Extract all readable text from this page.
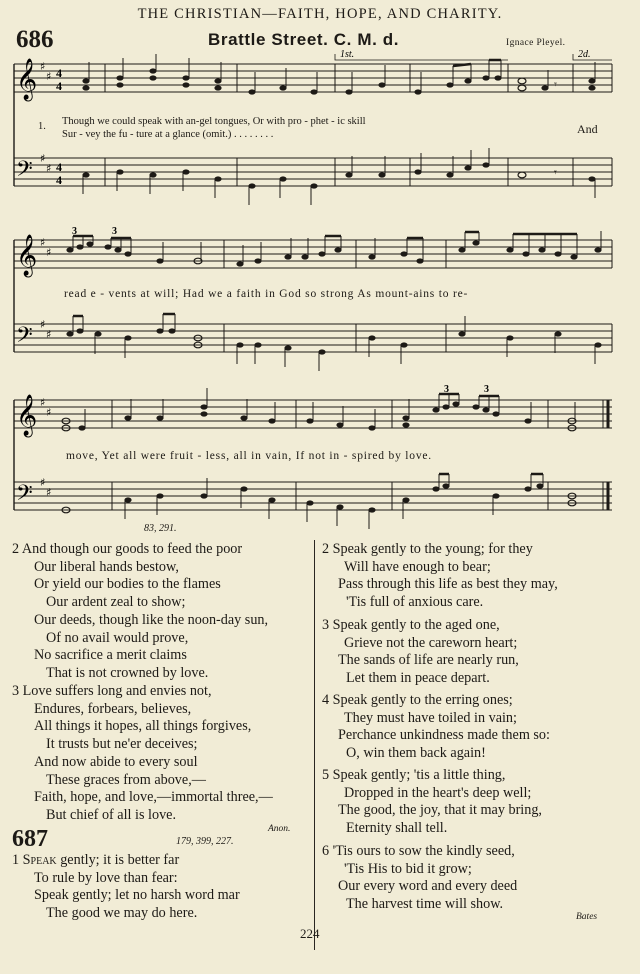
THE CHRISTIAN—FAITH, HOPE, AND CHARITY.
686	Brattle Street. C. M. d.	Ignace Pleyel.
𝄞
𝄢
♯
♯
♯
♯
4
4
4
4
1st.	2d.
𝄾
𝄾
1. Though we could speak with an-gel tongues, Or with pro - phet - ic skill
Sur - vey the fu - ture at a glance (omit.) . . . . . . . .	And
𝄞
𝄢
♯
♯
♯
♯
3	3
read e - vents at will; Had we a faith in God so strong As mount-ains to re-
𝄞
𝄢
♯
♯
♯
♯
3	3
move, Yet all were fruit - less, all in vain, If not in - spired by love.
83, 291.
2 And though our goods to feed the poor
Our liberal hands bestow,
Or yield our bodies to the flames
Our ardent zeal to show;
Our deeds, though like the noon-day sun,
Of no avail would prove,
No sacrifice a merit claims
That is not crowned by love.
3 Love suffers long and envies not,
Endures, forbears, believes,
All things it hopes, all things forgives,
It trusts but ne'er deceives;
And now abide to every soul
These graces from above,—
Faith, hope, and love,—immortal three,—
But chief of all is love.
Anon.
687	179, 399, 227.
1 Speak gently; it is better far
To rule by love than fear:
Speak gently; let no harsh word mar
The good we may do here.
2 Speak gently to the young; for they
Will have enough to bear;
Pass through this life as best they may,
'Tis full of anxious care.
3 Speak gently to the aged one,
Grieve not the careworn heart;
The sands of life are nearly run,
Let them in peace depart.
4 Speak gently to the erring ones;
They must have toiled in vain;
Perchance unkindness made them so:
O, win them back again!
5 Speak gently; 'tis a little thing,
Dropped in the heart's deep well;
The good, the joy, that it may bring,
Eternity shall tell.
6 'Tis ours to sow the kindly seed,
'Tis His to bid it grow;
Our every word and every deed
The harvest time will show.
Bates
224
